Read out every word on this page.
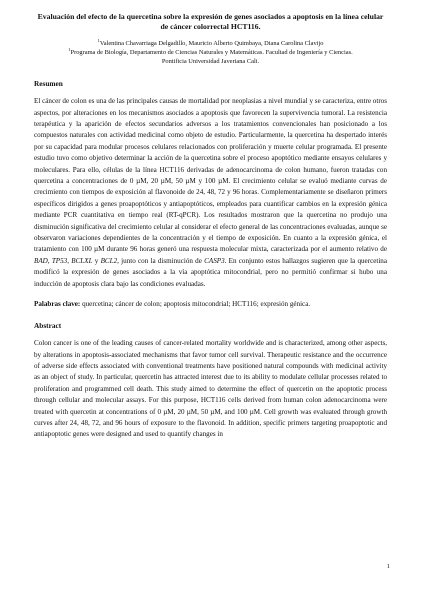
Evaluación del efecto de la quercetina sobre la expresión de genes asociados a apoptosis en la línea celular de cáncer colorrectal HCT116.

$^1$Valentina Chavarriaga Delgadillo, Mauricio Alberto Quimbaya, Diana Carolina Clavijo
$^1$Programa de Biología, Departamento de Ciencias Naturales y Matemáticas. Facultad de Ingeniería y Ciencias.
Pontificia Universidad Javeriana Cali.

Resumen

El cáncer de colon es una de las principales causas de mortalidad por neoplasias a nivel mundial y se caracteriza, entre otros aspectos, por alteraciones en los mecanismos asociados a apoptosis que favorecen la supervivencia tumoral. La resistencia terapéutica y la aparición de efectos secundarios adversos a los tratamientos convencionales han posicionado a los compuestos naturales con actividad medicinal como objeto de estudio. Particularmente, la quercetina ha despertado interés por su capacidad para modular procesos celulares relacionados con proliferación y muerte celular programada. El presente estudio tuvo como objetivo determinar la acción de la quercetina sobre el proceso apoptótico mediante ensayos celulares y moleculares. Para ello, células de la línea HCT116 derivadas de adenocarcinoma de colon humano, fueron tratadas con quercetina a concentraciones de 0 µM, 20 µM, 50 µM y 100 µM. El crecimiento celular se evaluó mediante curvas de crecimiento con tiempos de exposición al flavonoide de 24, 48, 72 y 96 horas. Complementariamente se diseñaron primers específicos dirigidos a genes proapoptóticos y antiapoptóticos, empleados para cuantificar cambios en la expresión génica mediante PCR cuantitativa en tiempo real (RT-qPCR). Los resultados mostraron que la quercetina no produjo una disminución significativa del crecimiento celular al considerar el efecto general de las concentraciones evaluadas, aunque se observaron variaciones dependientes de la concentración y el tiempo de exposición. En cuanto a la expresión génica, el tratamiento con 100 µM durante 96 horas generó una respuesta molecular mixta, caracterizada por el aumento relativo de BAD, TP53, BCLXL y BCL2, junto con la disminución de CASP3. En conjunto estos hallazgos sugieren que la quercetina modificó la expresión de genes asociados a la vía apoptótica mitocondrial, pero no permitió confirmar si hubo una inducción de apoptosis clara bajo las condiciones evaluadas.

Palabras clave: quercetina; cáncer de colon; apoptosis mitocondrial; HCT116; expresión génica.

Abstract

Colon cancer is one of the leading causes of cancer-related mortality worldwide and is characterized, among other aspects, by alterations in apoptosis-associated mechanisms that favor tumor cell survival. Therapeutic resistance and the occurrence of adverse side effects associated with conventional treatments have positioned natural compounds with medicinal activity as an object of study. In particular, quercetin has attracted interest due to its ability to modulate cellular processes related to proliferation and programmed cell death. This study aimed to determine the effect of quercetin on the apoptotic process through cellular and molecular assays. For this purpose, HCT116 cells derived from human colon adenocarcinoma were treated with quercetin at concentrations of 0 µM, 20 µM, 50 µM, and 100 µM. Cell growth was evaluated through growth curves after 24, 48, 72, and 96 hours of exposure to the flavonoid. In addition, specific primers targeting proapoptotic and antiapoptotic genes were designed and used to quantify changes in

1
